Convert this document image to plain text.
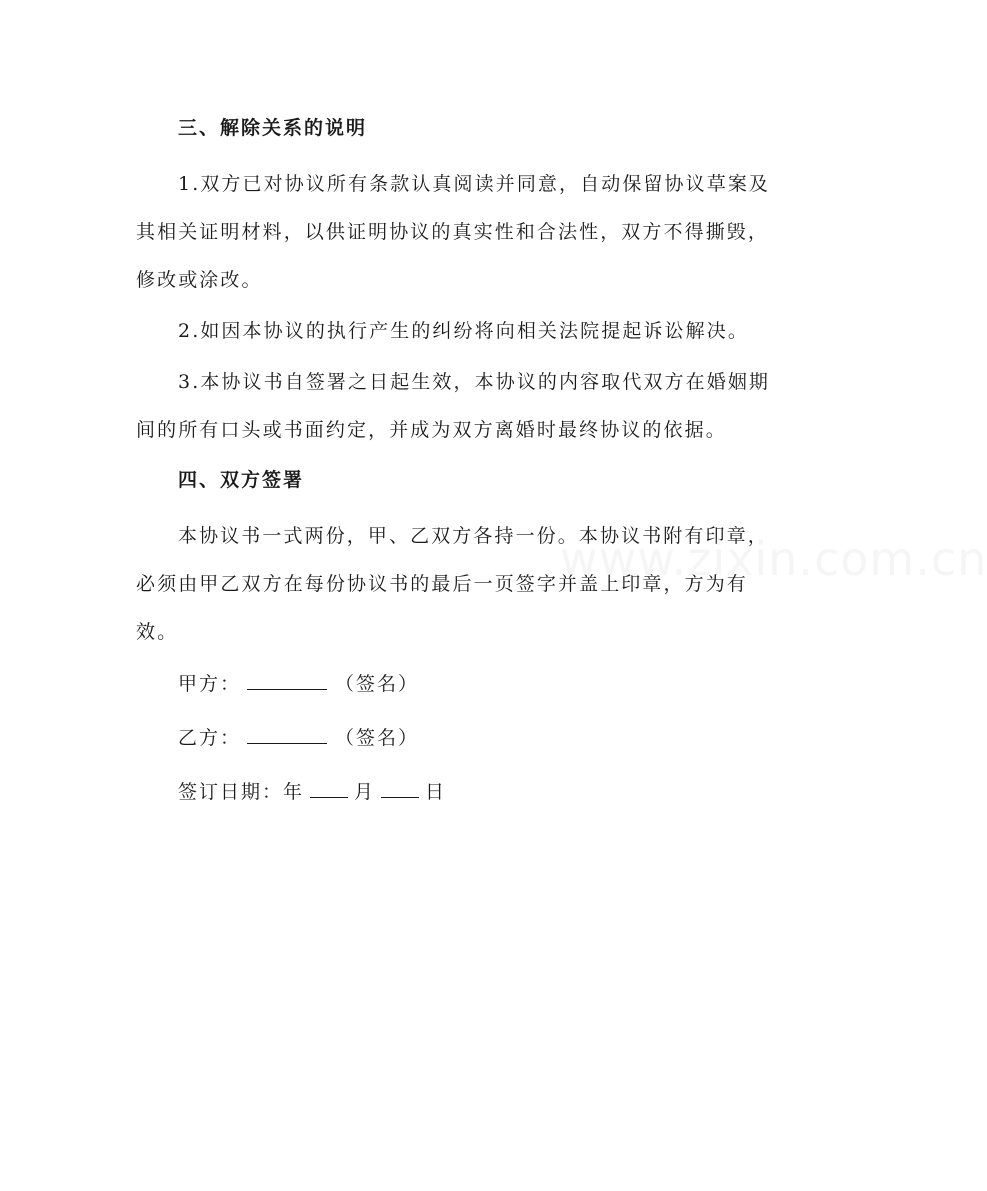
三、解除关系的说明

1.双方已对协议所有条款认真阅读并同意，自动保留协议草案及其相关证明材料，以供证明协议的真实性和合法性，双方不得撕毁，修改或涂改。

2.如因本协议的执行产生的纠纷将向相关法院提起诉讼解决。

3.本协议书自签署之日起生效，本协议的内容取代双方在婚姻期间的所有口头或书面约定，并成为双方离婚时最终协议的依据。

四、双方签署

本协议书一式两份，甲、乙双方各持一份。本协议书附有印章，必须由甲乙双方在每份协议书的最后一页签字并盖上印章，方为有效。

甲方：	（签名）
乙方：	（签名）
签订日期：年	月	日
www.zixin.com.cn
